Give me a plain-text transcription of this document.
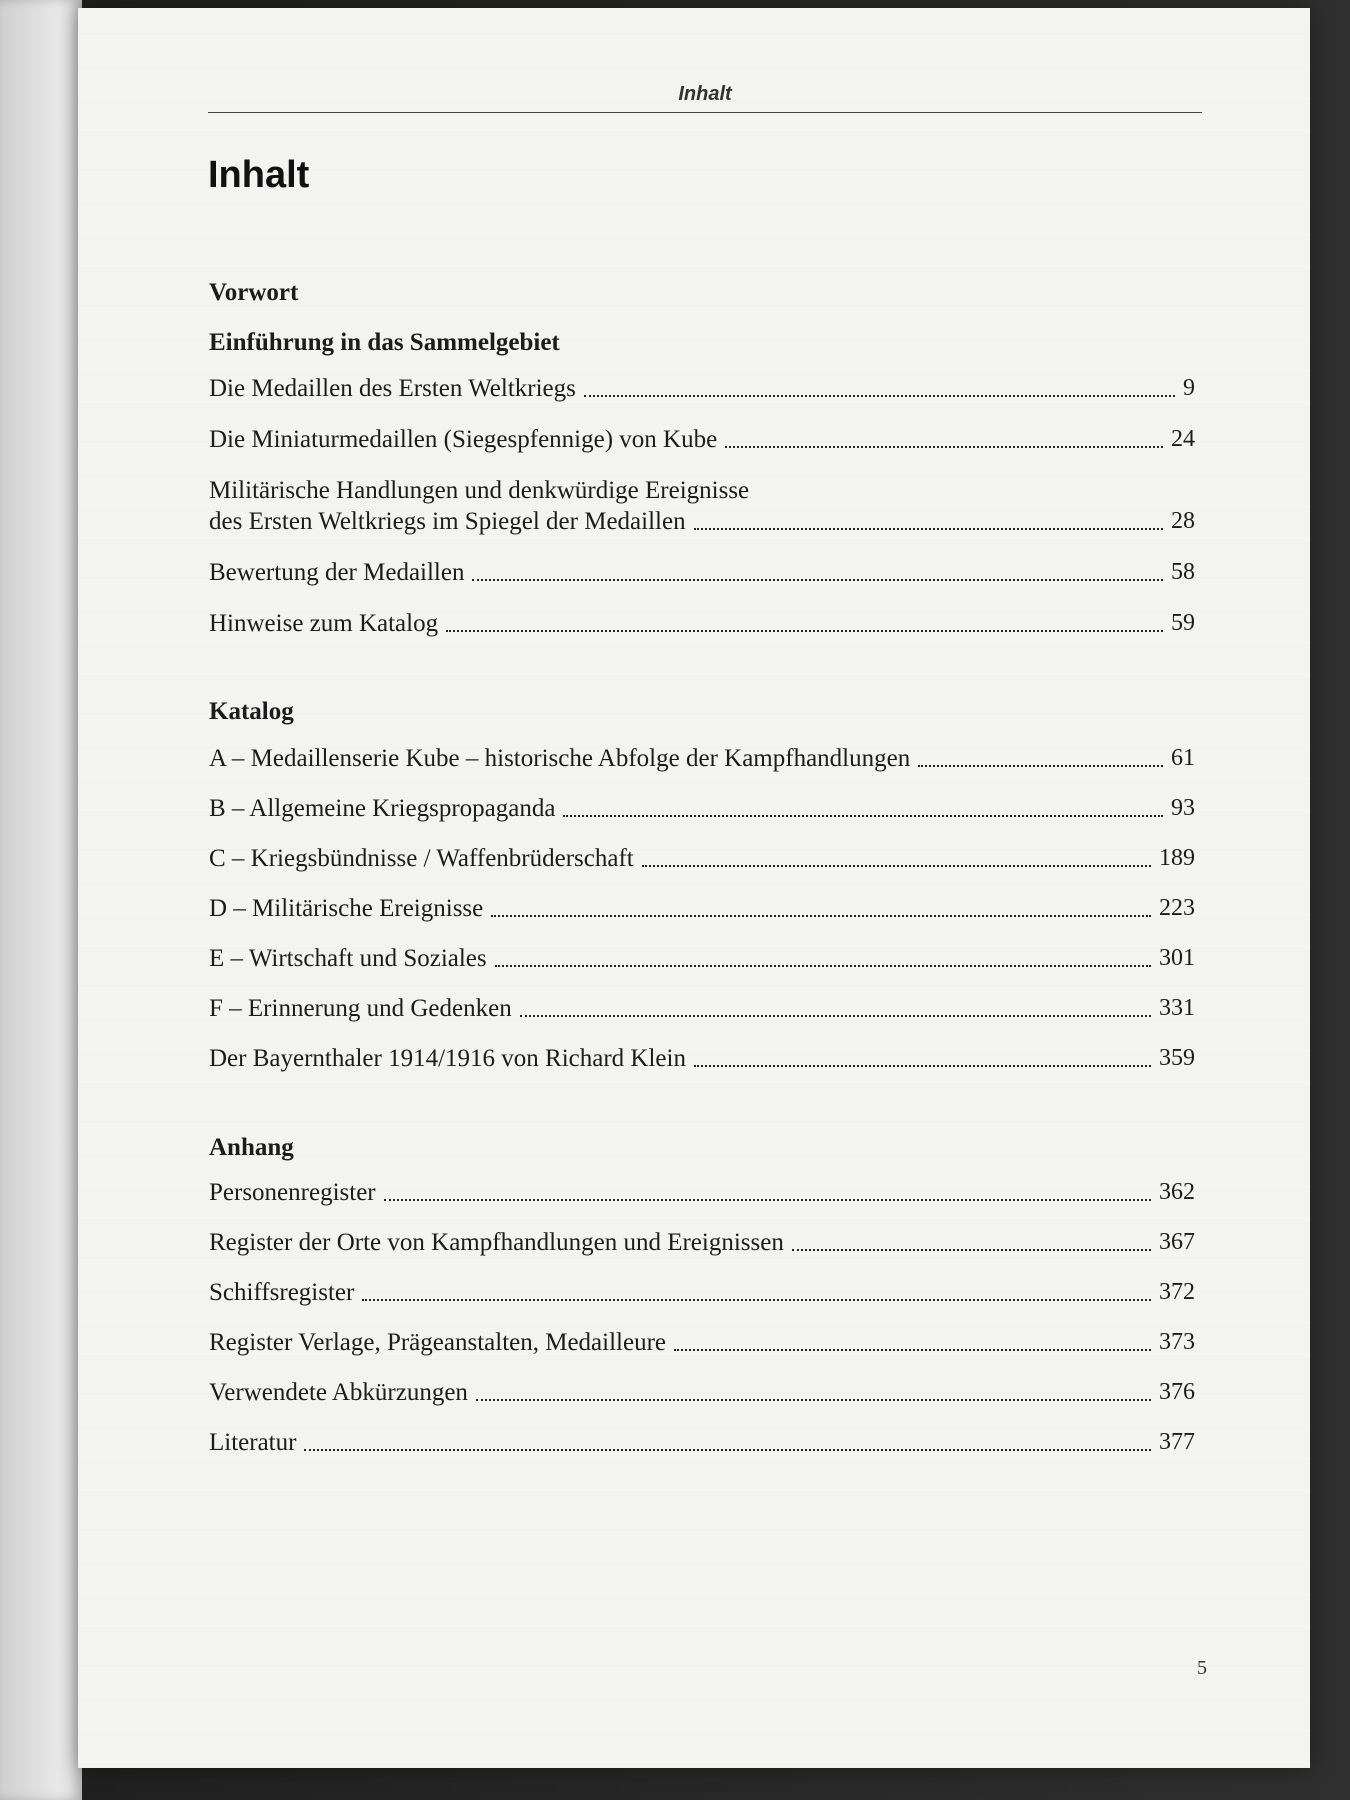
Inhalt
Inhalt
Vorwort
Einführung in das Sammelgebiet
Die Medaillen des Ersten Weltkriegs	9
Die Miniaturmedaillen (Siegespfennige) von Kube	24
Militärische Handlungen und denkwürdige Ereignisse
des Ersten Weltkriegs im Spiegel der Medaillen	28
Bewertung der Medaillen	58
Hinweise zum Katalog	59
Katalog
A – Medaillenserie Kube – historische Abfolge der Kampfhandlungen	61
B – Allgemeine Kriegspropaganda	93
C – Kriegsbündnisse / Waffenbrüderschaft	189
D – Militärische Ereignisse	223
E – Wirtschaft und Soziales	301
F – Erinnerung und Gedenken	331
Der Bayernthaler 1914/1916 von Richard Klein	359
Anhang
Personenregister	362
Register der Orte von Kampfhandlungen und Ereignissen	367
Schiffsregister	372
Register Verlage, Prägeanstalten, Medailleure	373
Verwendete Abkürzungen	376
Literatur	377
5
